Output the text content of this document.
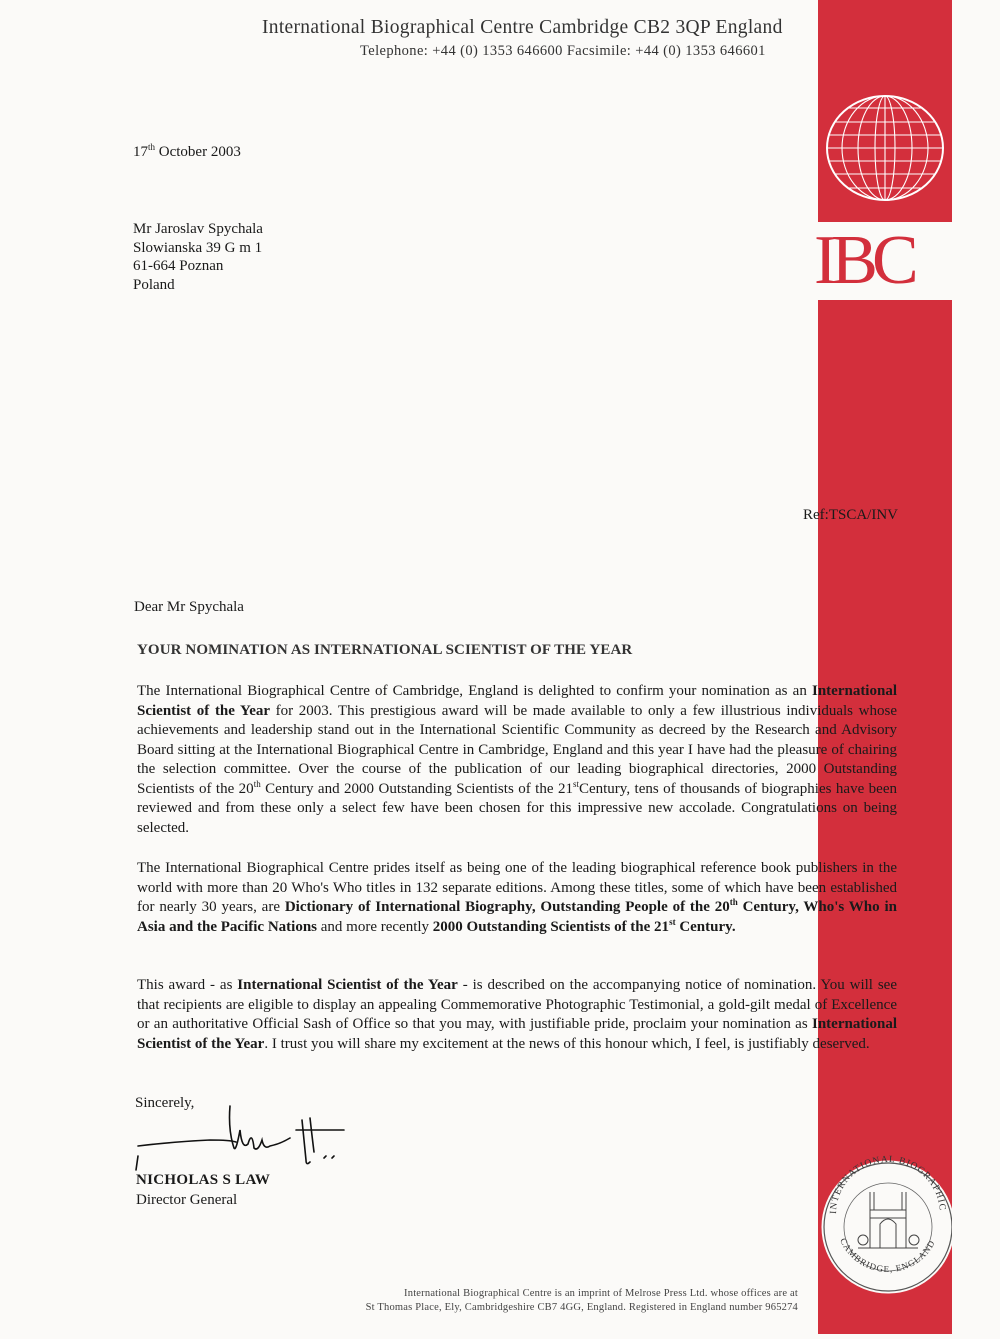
IBC
INTERNATIONAL BIOGRAPHIC
CAMBRIDGE, ENGLAND
International Biographical Centre Cambridge CB2 3QP England
Telephone: +44 (0) 1353 646600 Facsimile: +44 (0) 1353 646601
17th October 2003
Mr Jaroslav Spychala
Slowianska 39 G m 1
61-664 Poznan
Poland
Ref:TSCA/INV
Dear Mr Spychala
YOUR NOMINATION AS INTERNATIONAL SCIENTIST OF THE YEAR
The International Biographical Centre of Cambridge, England is delighted to confirm your nomination as an International Scientist of the Year for 2003. This prestigious award will be made available to only a few illustrious individuals whose achievements and leadership stand out in the International Scientific Community as decreed by the Research and Advisory Board sitting at the International Biographical Centre in Cambridge, England and this year I have had the pleasure of chairing the selection committee. Over the course of the publication of our leading biographical directories, 2000 Outstanding Scientists of the 20th Century and 2000 Outstanding Scientists of the 21stCentury, tens of thousands of biographies have been reviewed and from these only a select few have been chosen for this impressive new accolade. Congratulations on being selected.
The International Biographical Centre prides itself as being one of the leading biographical reference book publishers in the world with more than 20 Who's Who titles in 132 separate editions. Among these titles, some of which have been established for nearly 30 years, are Dictionary of International Biography, Outstanding People of the 20th Century, Who's Who in Asia and the Pacific Nations and more recently 2000 Outstanding Scientists of the 21st Century.
This award - as International Scientist of the Year - is described on the accompanying notice of nomination. You will see that recipients are eligible to display an appealing Commemorative Photographic Testimonial, a gold-gilt medal of Excellence or an authoritative Official Sash of Office so that you may, with justifiable pride, proclaim your nomination as International Scientist of the Year. I trust you will share my excitement at the news of this honour which, I feel, is justifiably deserved.
Sincerely,
NICHOLAS S LAW
Director General
International Biographical Centre is an imprint of Melrose Press Ltd. whose offices are at
St Thomas Place, Ely, Cambridgeshire CB7 4GG, England. Registered in England number 965274
